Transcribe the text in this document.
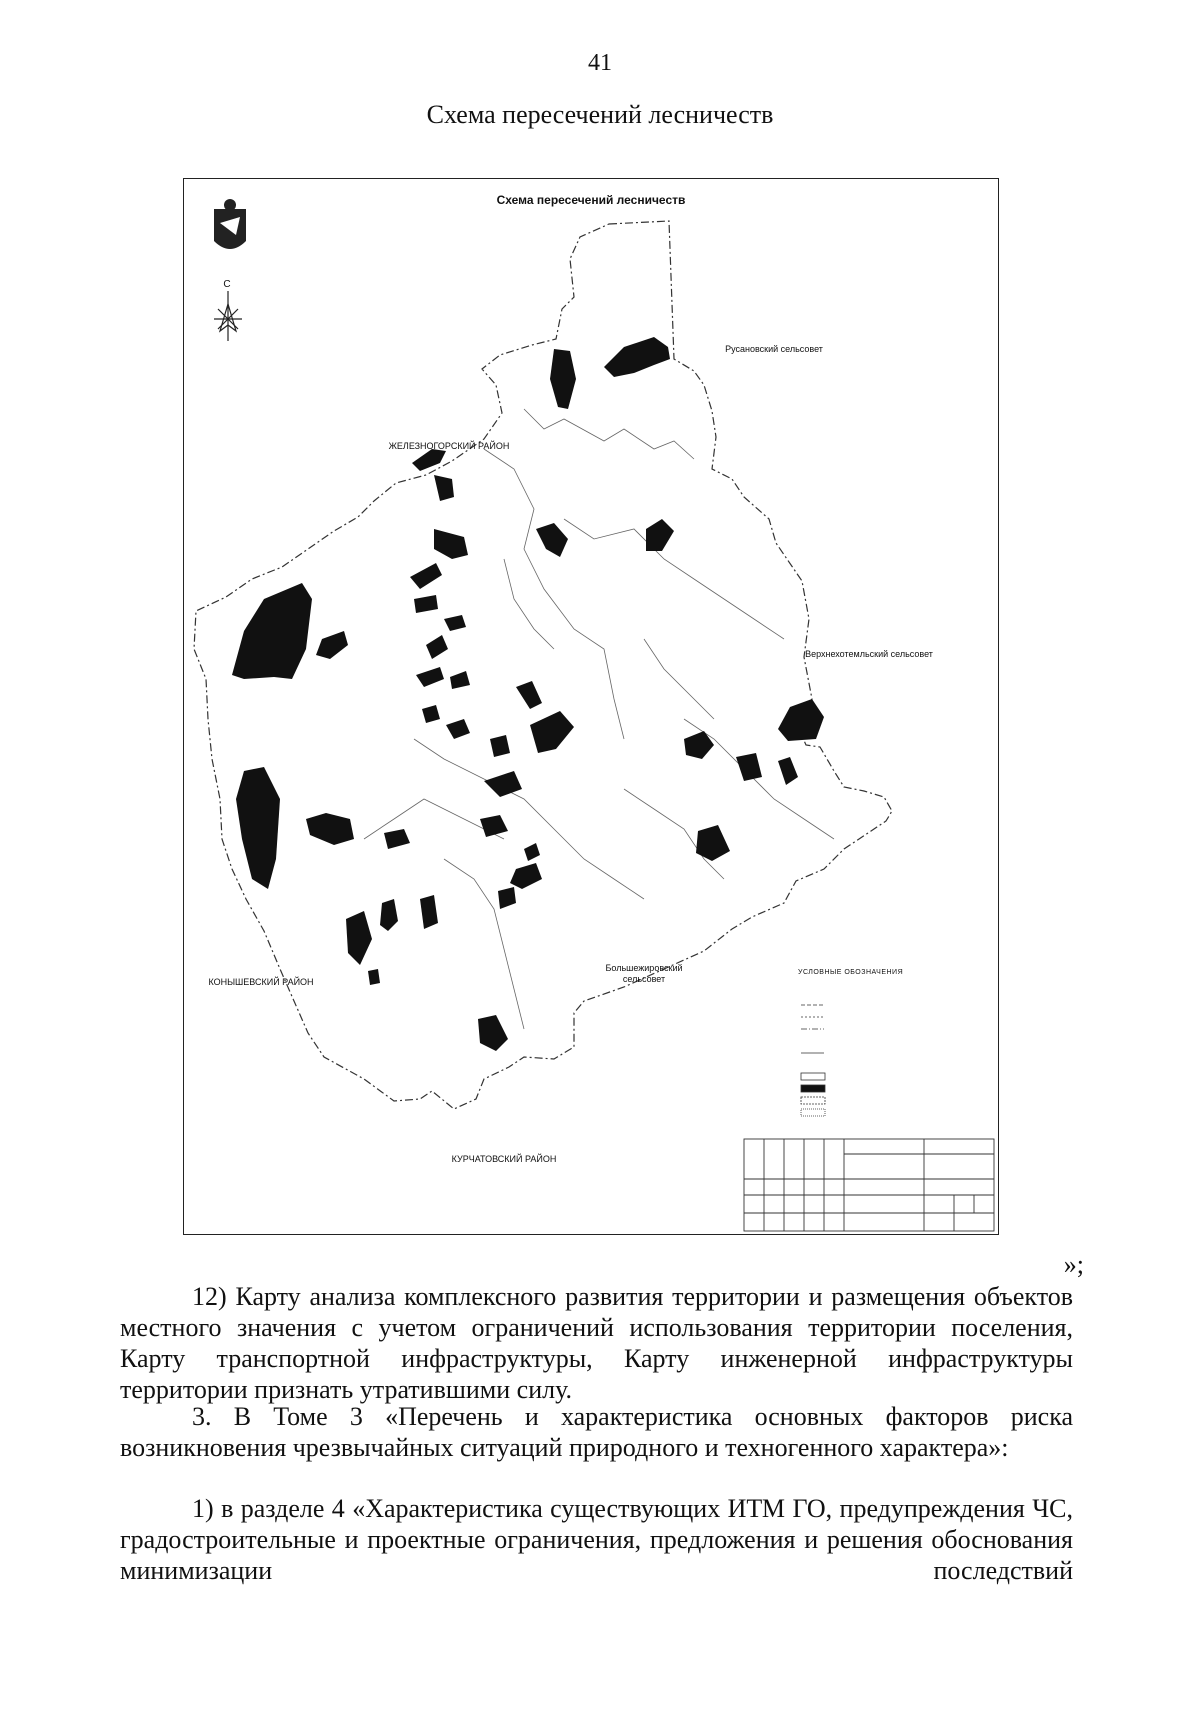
41
Схема пересечений лесничеств
Схема пересечений лесничеств
С
Русановский сельсовет
ЖЕЛЕЗНОГОРСКИЙ РАЙОН
Верхнехотемльский сельсовет
КОНЫШЕВСКИЙ РАЙОН
Большежировский сельсовет
КУРЧАТОВСКИЙ РАЙОН
УСЛОВНЫЕ ОБОЗНАЧЕНИЯ
»;

12) Карту анализа комплексного развития территории и размещения объектов местного значения с учетом ограничений использования территории поселения, Карту транспортной инфраструктуры, Карту инженерной инфраструктуры территории признать утратившими силу.

3. В Томе 3 «Перечень и характеристика основных факторов риска возникновения чрезвычайных ситуаций природного и техногенного характера»:

1) в разделе 4 «Характеристика существующих ИТМ ГО, предупреждения ЧС, градостроительные и проектные ограничения, предложения и решения обоснования минимизации последствий
